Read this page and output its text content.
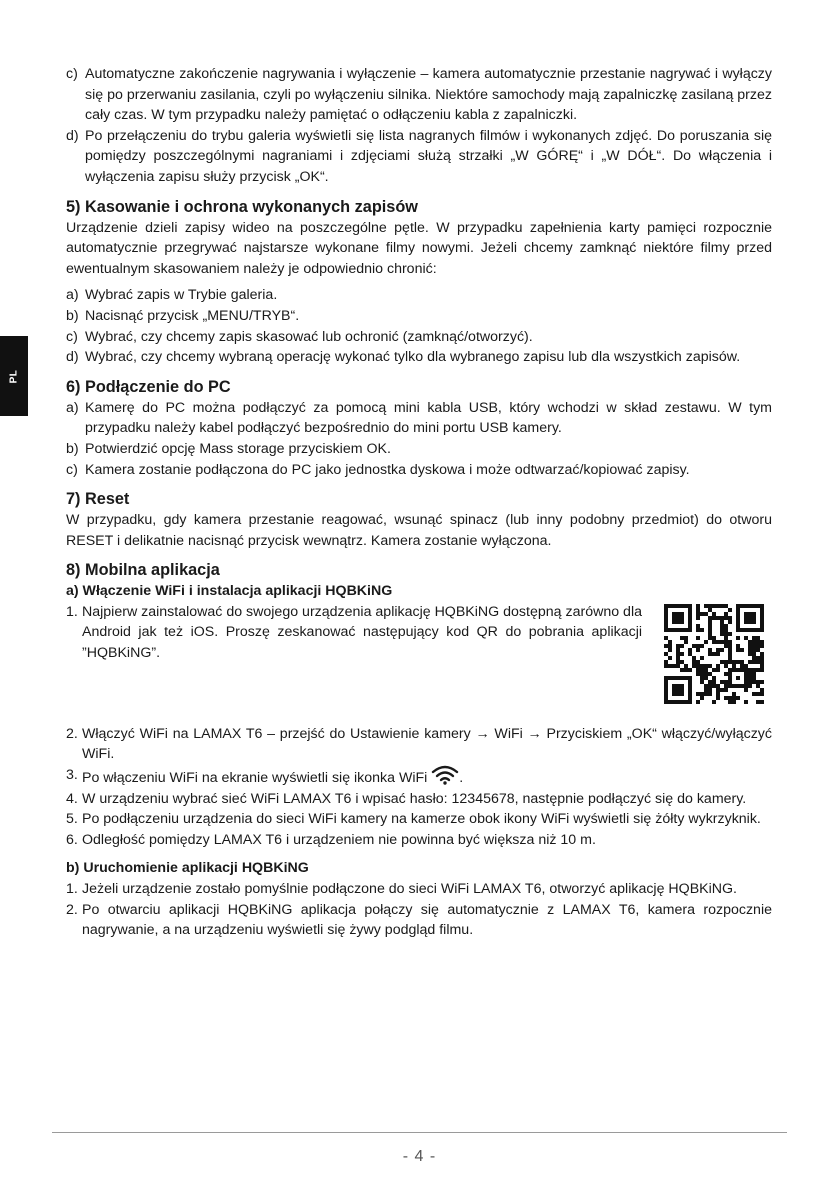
PL
c) Automatyczne zakończenie nagrywania i wyłączenie – kamera automatycznie przestanie nagrywać i wyłączy się po przerwaniu zasilania, czyli po wyłączeniu silnika. Niektóre samochody mają zapalniczkę zasilaną przez cały czas. W tym przypadku należy pamiętać o odłączeniu kabla z zapalniczki.
d) Po przełączeniu do trybu galeria wyświetli się lista nagranych filmów i wykonanych zdjęć. Do poruszania się pomiędzy poszczególnymi nagraniami i zdjęciami służą strzałki „W GÓRĘ“ i „W DÓŁ“. Do włączenia i wyłączenia zapisu służy przycisk „OK“.
5) Kasowanie i ochrona wykonanych zapisów
Urządzenie dzieli zapisy wideo na poszczególne pętle. W przypadku zapełnienia karty pamięci rozpocznie automatycznie przegrywać najstarsze wykonane filmy nowymi. Jeżeli chcemy zamknąć niektóre filmy przed ewentualnym skasowaniem należy je odpowiednio chronić:
a) Wybrać zapis w Trybie galeria.
b) Nacisnąć przycisk „MENU/TRYB“.
c) Wybrać, czy chcemy zapis skasować lub ochronić (zamknąć/otworzyć).
d) Wybrać, czy chcemy wybraną operację wykonać tylko dla wybranego zapisu lub dla wszystkich zapisów.
6) Podłączenie do PC
a) Kamerę do PC można podłączyć za pomocą mini kabla USB, który wchodzi w skład zestawu. W tym przypadku należy kabel podłączyć bezpośrednio do mini portu USB kamery.
b) Potwierdzić opcję Mass storage przyciskiem OK.
c) Kamera zostanie podłączona do PC jako jednostka dyskowa i może odtwarzać/kopiować zapisy.
7) Reset
W przypadku, gdy kamera przestanie reagować, wsunąć spinacz (lub inny podobny przedmiot) do otworu RESET i delikatnie nacisnąć przycisk wewnątrz. Kamera zostanie wyłączona.
8) Mobilna aplikacja
a) Włączenie WiFi i instalacja aplikacji HQBKiNG
1. Najpierw zainstalować do swojego urządzenia aplikację HQBKiNG dostępną zarówno dla Android jak też iOS. Proszę zeskanować następujący kod QR do pobrania aplikacji ”HQBKiNG”.
2. Włączyć WiFi na LAMAX T6 – przejść do Ustawienie kamery → WiFi → Przyciskiem „OK“ włączyć/wyłączyć WiFi.
3. Po włączeniu WiFi na ekranie wyświetli się ikonka WiFi .
4. W urządzeniu wybrać sieć WiFi LAMAX T6 i wpisać hasło: 12345678, następnie podłączyć się do kamery.
5. Po podłączeniu urządzenia do sieci WiFi kamery na kamerze obok ikony WiFi wyświetli się żółty wykrzyknik.
6. Odległość pomiędzy LAMAX T6 i urządzeniem nie powinna być większa niż 10 m.
b) Uruchomienie aplikacji HQBKiNG
1. Jeżeli urządzenie zostało pomyślnie podłączone do sieci WiFi LAMAX T6, otworzyć aplikację HQBKiNG.
2. Po otwarciu aplikacji HQBKiNG aplikacja połączy się automatycznie z LAMAX T6, kamera rozpocznie nagrywanie, a na urządzeniu wyświetli się żywy podgląd filmu.
- 4 -
